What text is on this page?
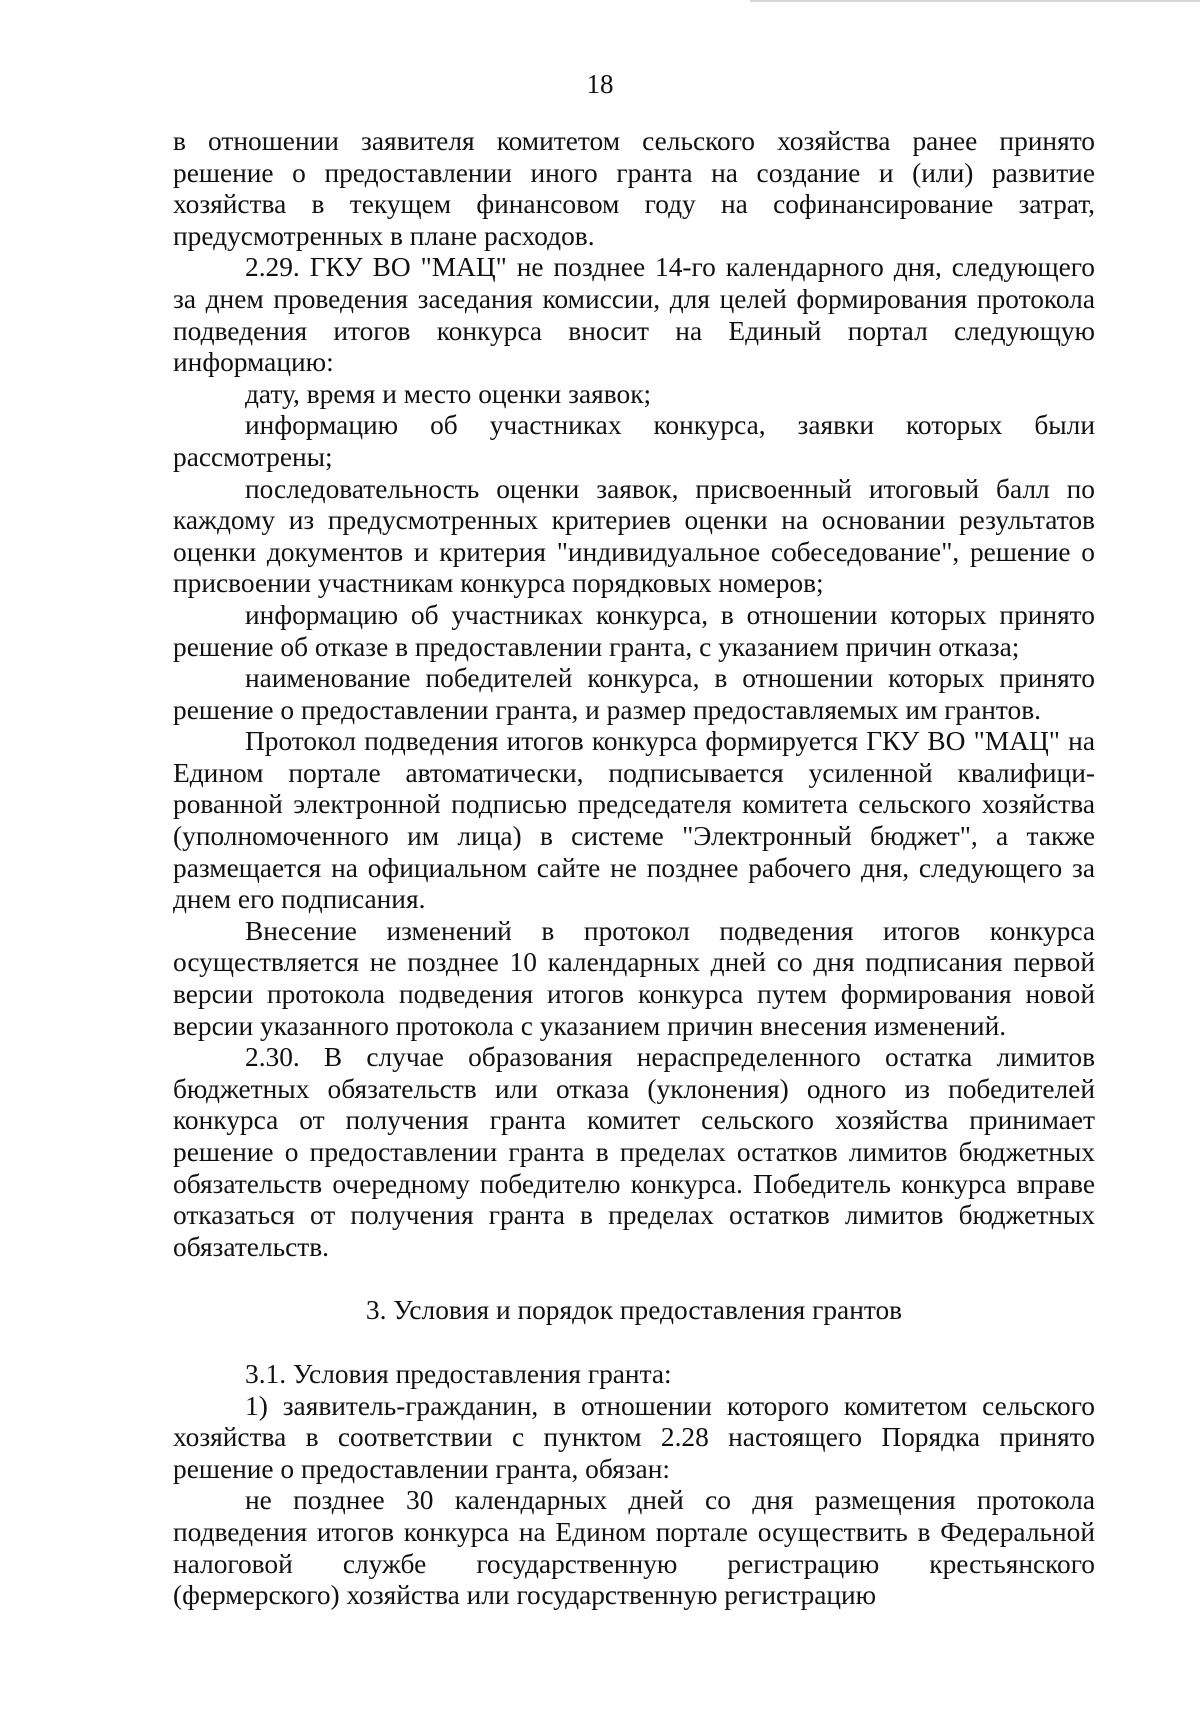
18

в отношении заявителя комитетом сельского хозяйства ранее принято решение о предоставлении иного гранта на создание и (или) развитие хозяйства в текущем финансовом году на софинансирование затрат, предусмотренных в плане расходов.

2.29. ГКУ ВО "МАЦ" не позднее 14-го календарного дня, следующего за днем проведения заседания комиссии, для целей формирования протокола подведения итогов конкурса вносит на Единый портал следующую информацию:

дату, время и место оценки заявок;

информацию об участниках конкурса, заявки которых были рассмотрены;

последовательность оценки заявок, присвоенный итоговый балл по каждому из предусмотренных критериев оценки на основании результатов оценки документов и критерия "индивидуальное собеседование", решение о присвоении участникам конкурса порядковых номеров;

информацию об участниках конкурса, в отношении которых принято решение об отказе в предоставлении гранта, с указанием причин отказа;

наименование победителей конкурса, в отношении которых принято решение о предоставлении гранта, и размер предоставляемых им грантов.

Протокол подведения итогов конкурса формируется ГКУ ВО "МАЦ" на Едином портале автоматически, подписывается усиленной квалифицированной электронной подписью председателя комитета сельского хозяйства (уполномоченного им лица) в системе "Электронный бюджет", а также размещается на официальном сайте не позднее рабочего дня, следующего за днем его подписания.

Внесение изменений в протокол подведения итогов конкурса осуществляется не позднее 10 календарных дней со дня подписания первой версии протокола подведения итогов конкурса путем формирования новой версии указанного протокола с указанием причин внесения изменений.

2.30. В случае образования нераспределенного остатка лимитов бюджетных обязательств или отказа (уклонения) одного из победителей конкурса от получения гранта комитет сельского хозяйства принимает решение о предоставлении гранта в пределах остатков лимитов бюджетных обязательств очередному победителю конкурса. Победитель конкурса вправе отказаться от получения гранта в пределах остатков лимитов бюджетных обязательств.

3. Условия и порядок предоставления грантов

3.1. Условия предоставления гранта:

1) заявитель-гражданин, в отношении которого комитетом сельского хозяйства в соответствии с пунктом 2.28 настоящего Порядка принято решение о предоставлении гранта, обязан:

не позднее 30 календарных дней со дня размещения протокола подведения итогов конкурса на Едином портале осуществить в Федеральной налоговой службе государственную регистрацию крестьянского (фермерского) хозяйства или государственную регистрацию
